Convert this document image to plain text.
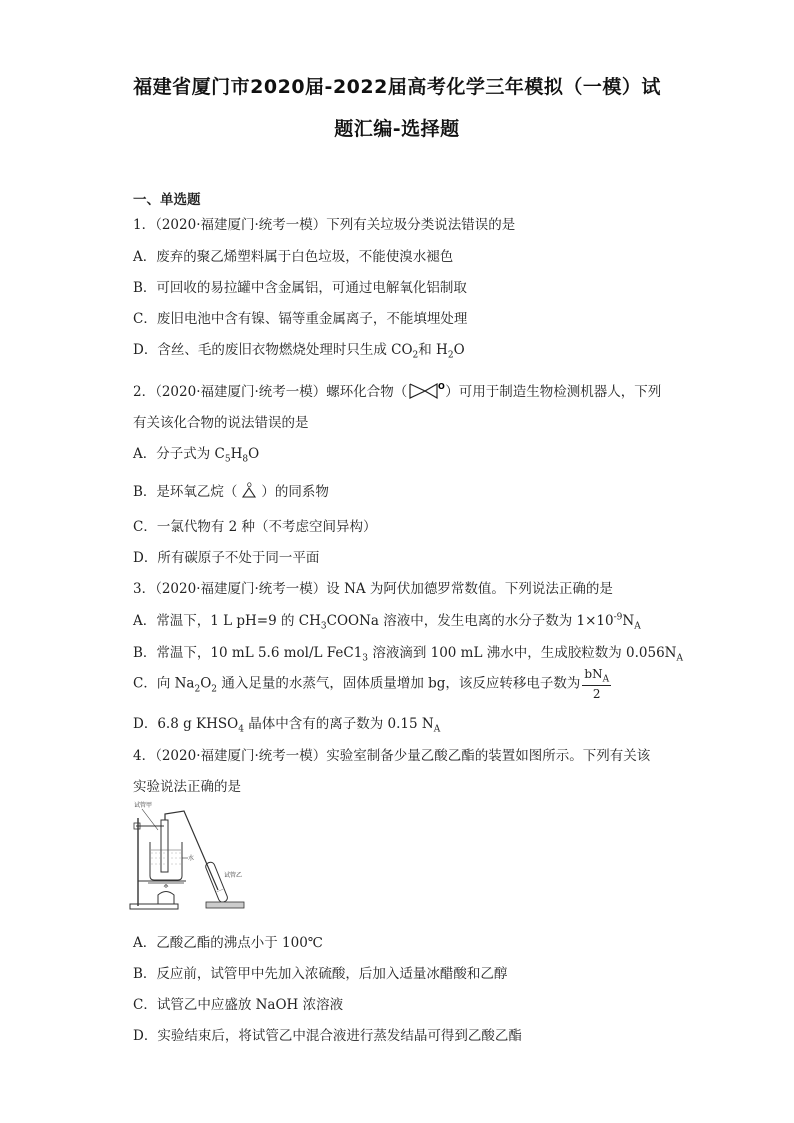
福建省厦门市2020届-2022届高考化学三年模拟（一模）试
题汇编-选择题
一、单选题
1．（2020·福建厦门·统考一模）下列有关垃圾分类说法错误的是
A．废弃的聚乙烯塑料属于白色垃圾，不能使溴水褪色
B．可回收的易拉罐中含金属铝，可通过电解氧化铝制取
C．废旧电池中含有镍、镉等重金属离子，不能填埋处理
D．含丝、毛的废旧衣物燃烧处理时只生成 $CO_2$和 $H_2O$
2．（2020·福建厦门·统考一模）螺环化合物（	O ）可用于制造生物检测机器人，下列
有关该化合物的说法错误的是
A．分子式为 $C_5H_8O$
B．是环氧乙烷（ O ）的同系物
C．一氯代物有 2 种（不考虑空间异构）
D．所有碳原子不处于同一平面
3．（2020·福建厦门·统考一模）设 NA 为阿伏加德罗常数值。下列说法正确的是
A．常温下，1 L pH=9 的 $CH_3COONa$ 溶液中，发生电离的水分子数为 $1\times 10^{-9}N_A$
B．常温下，10 mL 5.6 mol/L $FeC1_3$ 溶液滴到 100 mL 沸水中，生成胶粒数为 $0.056N_A$
C．向 $Na_2O_2$ 通入足量的水蒸气，固体质量增加 bg，该反应转移电子数为 $\frac{bN_A}{2}$
D．6.8 g $KHSO_4$ 晶体中含有的离子数为 0.15 $N_A$
4．（2020·福建厦门·统考一模）实验室制备少量乙酸乙酯的装置如图所示。下列有关该
实验说法正确的是
试管甲
水
试管乙
A．乙酸乙酯的沸点小于 100℃
B．反应前，试管甲中先加入浓硫酸，后加入适量冰醋酸和乙醇
C．试管乙中应盛放 NaOH 浓溶液
D．实验结束后，将试管乙中混合液进行蒸发结晶可得到乙酸乙酯
